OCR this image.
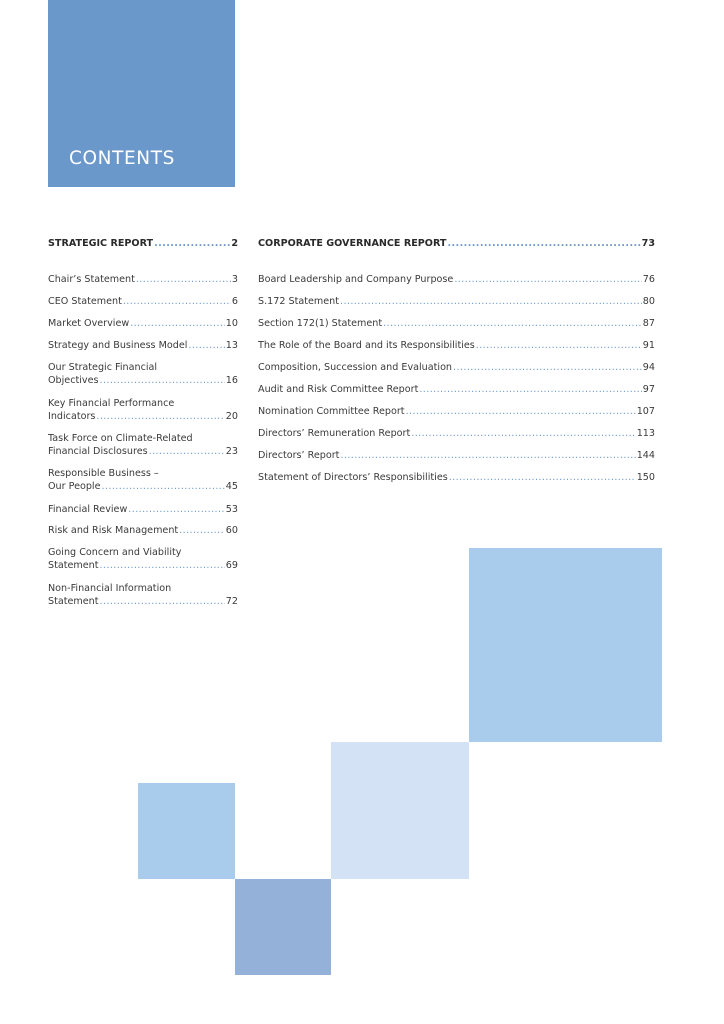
CONTENTS
STRATEGIC REPORT .....	2
Chair’s Statement .....	3
CEO Statement .....	6
Market Overview .....	10
Strategy and Business Model .....	13
Our Strategic Financial
Objectives .....	16
Key Financial Performance
Indicators .....	20
Task Force on Climate-Related
Financial Disclosures .....	23
Responsible Business –
Our People .....	45
Financial Review .....	53
Risk and Risk Management .....	60
Going Concern and Viability
Statement .....	69
Non-Financial Information
Statement .....	72
CORPORATE GOVERNANCE REPORT .....	73
Board Leadership and Company Purpose .....	76
S.172 Statement .....	80
Section 172(1) Statement .....	87
The Role of the Board and its Responsibilities .....	91
Composition, Succession and Evaluation .....	94
Audit and Risk Committee Report .....	97
Nomination Committee Report .....	107
Directors’ Remuneration Report .....	113
Directors’ Report .....	144
Statement of Directors’ Responsibilities .....	150
